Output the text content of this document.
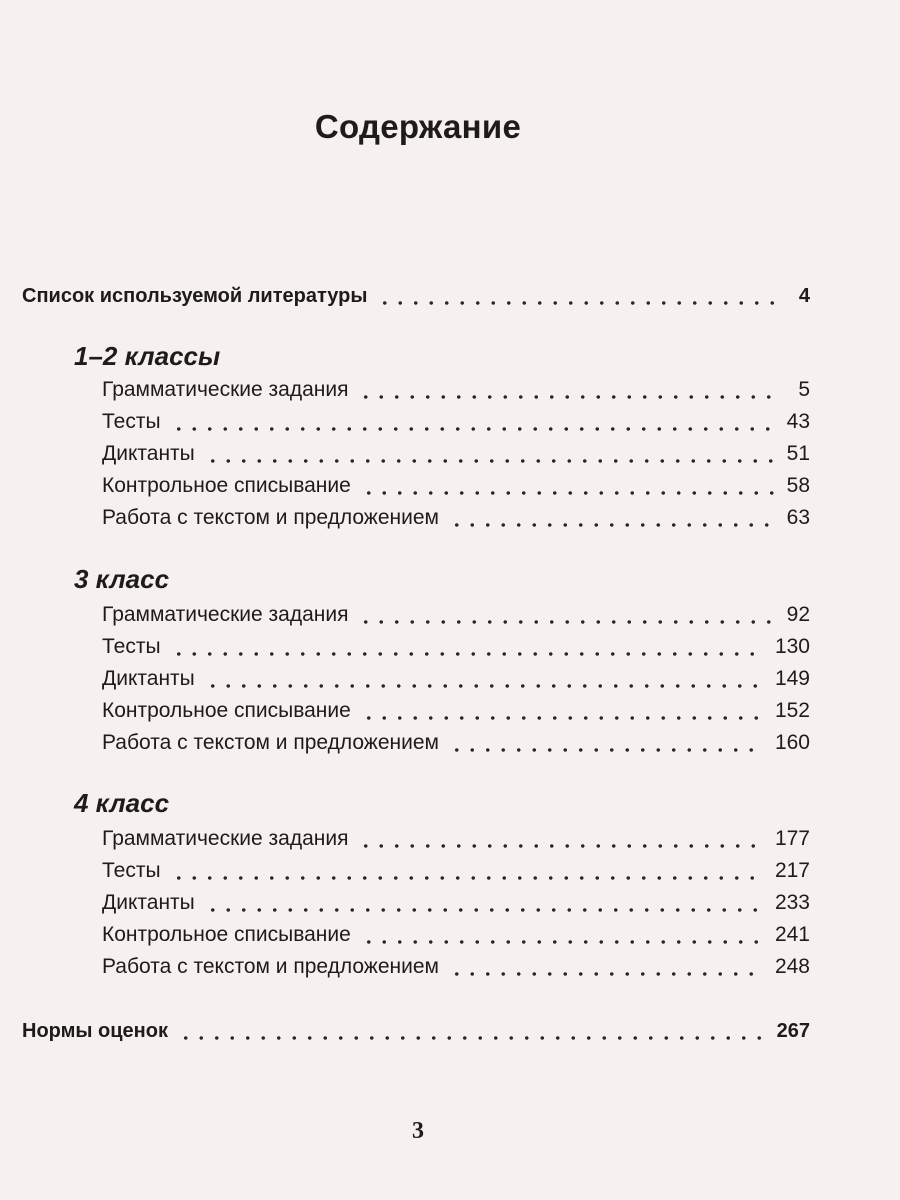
Содержание
Список используемой литературы	4
1–2 классы
Грамматические задания	5
Тесты	43
Диктанты	51
Контрольное списывание	58
Работа с текстом и предложением	63
3 класс
Грамматические задания	92
Тесты	130
Диктанты	149
Контрольное списывание	152
Работа с текстом и предложением	160
4 класс
Грамматические задания	177
Тесты	217
Диктанты	233
Контрольное списывание	241
Работа с текстом и предложением	248
Нормы оценок	267
3
